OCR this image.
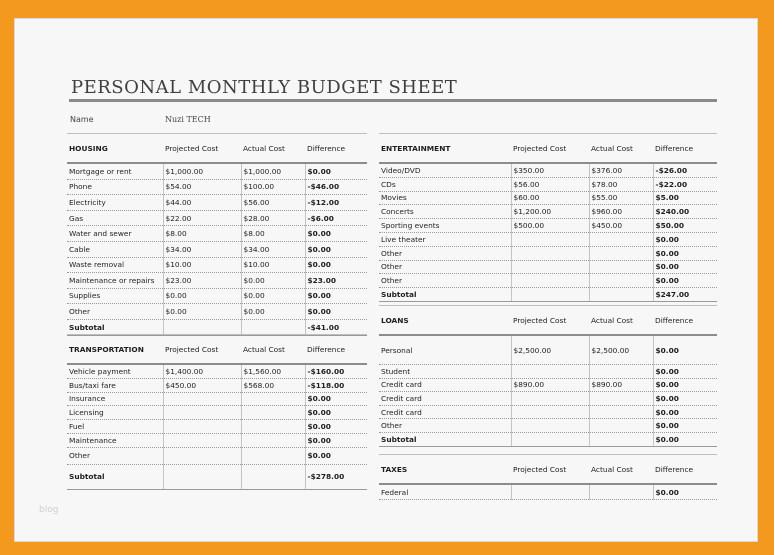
PERSONAL MONTHLY BUDGET SHEET
Name	Nuzi TECH
HOUSING	Projected Cost	Actual Cost	Difference
Mortgage or rent	$1,000.00	$1,000.00	$0.00
Phone	$54.00	$100.00	-$46.00
Electricity	$44.00	$56.00	-$12.00
Gas	$22.00	$28.00	-$6.00
Water and sewer	$8.00	$8.00	$0.00
Cable	$34.00	$34.00	$0.00
Waste removal	$10.00	$10.00	$0.00
Maintenance or repairs	$23.00	$0.00	$23.00
Supplies	$0.00	$0.00	$0.00
Other	$0.00	$0.00	$0.00
Subtotal			-$41.00
TRANSPORTATION	Projected Cost	Actual Cost	Difference
Vehicle payment	$1,400.00	$1,560.00	-$160.00
Bus/taxi fare	$450.00	$568.00	-$118.00
Insurance			$0.00
Licensing			$0.00
Fuel			$0.00
Maintenance			$0.00
Other			$0.00
Subtotal			-$278.00
ENTERTAINMENT	Projected Cost	Actual Cost	Difference
Video/DVD	$350.00	$376.00	-$26.00
CDs	$56.00	$78.00	-$22.00
Movies	$60.00	$55.00	$5.00
Concerts	$1,200.00	$960.00	$240.00
Sporting events	$500.00	$450.00	$50.00
Live theater			$0.00
Other			$0.00
Other			$0.00
Other			$0.00
Subtotal			$247.00
LOANS	Projected Cost	Actual Cost	Difference
Personal	$2,500.00	$2,500.00	$0.00
Student			$0.00
Credit card	$890.00	$890.00	$0.00
Credit card			$0.00
Credit card			$0.00
Other			$0.00
Subtotal			$0.00
TAXES	Projected Cost	Actual Cost	Difference
Federal			$0.00
blog
